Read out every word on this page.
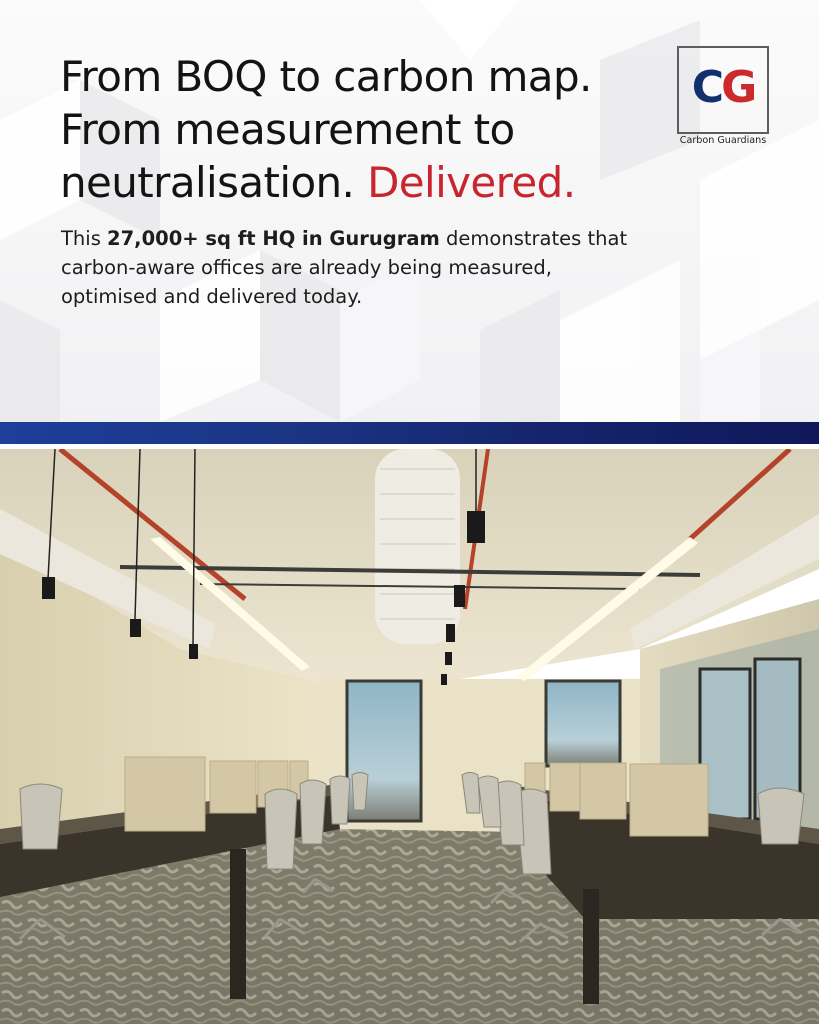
From BOQ to carbon map.
From measurement to
neutralisation. Delivered.

This 27,000+ sq ft HQ in Gurugram demonstrates that
carbon-aware offices are already being measured,
optimised and delivered today.

CG
Carbon Guardians
